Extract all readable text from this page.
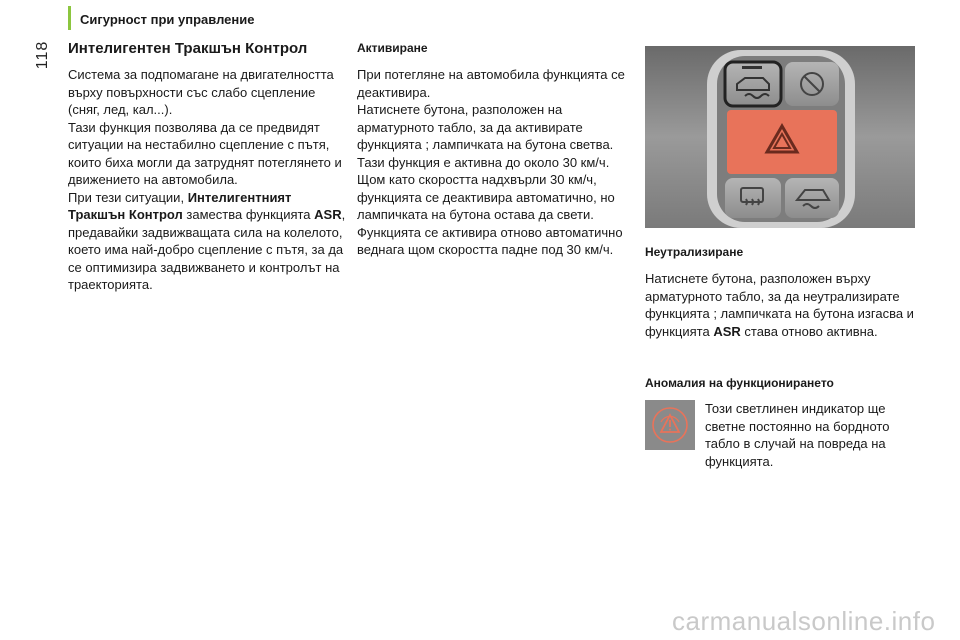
Сигурност при управление
118	Интелигентен Тракшън Контрол
Система за подпомагане на двигателността върху повърхности със слабо сцепление (сняг, лед, кал...).
Тази функция позволява да се предвидят ситуации на нестабилно сцепление с пътя, които биха могли да затруднят потеглянето и движението на автомобила.
При тези ситуации, Интелигентният Тракшън Контрол замества функцията ASR, предавайки задвижващата сила на колелото, което има най-добро сцепление с пътя, за да се оптимизира задвижването и контролът на траекторията.
Активиране
При потегляне на автомобила функцията се деактивира.
Натиснете бутона, разположен на арматурното табло, за да активирате функцията ; лампичката на бутона светва.
Тази функция е активна до около 30 км/ч.
Щом като скоростта надхвърли 30 км/ч, функцията се деактивира автоматично, но лампичката на бутона остава да свети.
Функцията се активира отново автоматично веднага щом скоростта падне под 30 км/ч.	Неутрализиране
Натиснете бутона, разположен върху арматурното табло, за да неутрализирате функцията ; лампичката на бутона изгасва и функцията ASR става отново активна.
Аномалия на функционирането
Този светлинен индикатор ще светне постоянно на бордното табло в случай на повреда на функцията.
carmanualsonline.info
